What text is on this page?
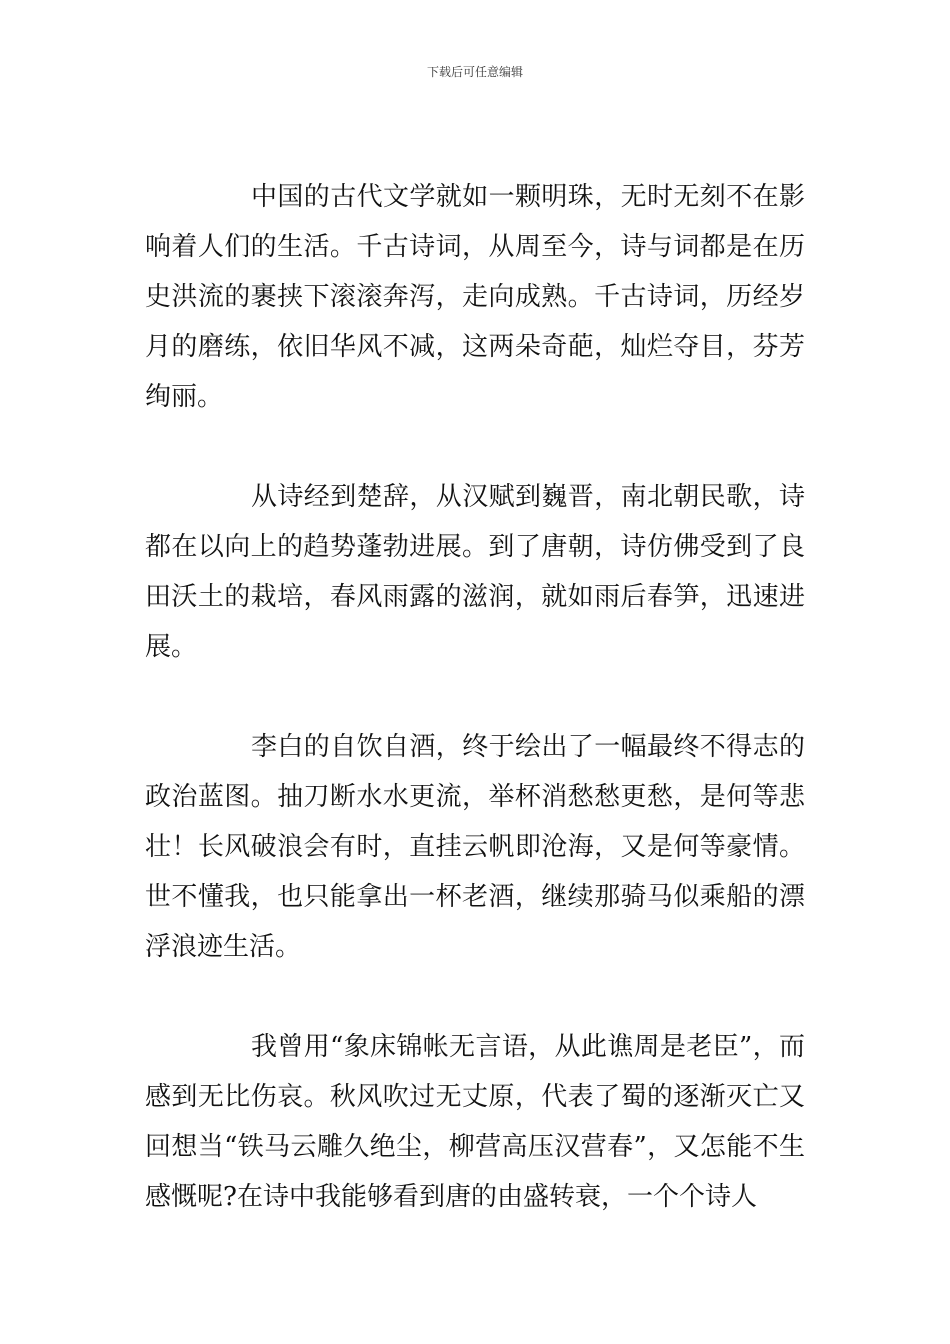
下载后可任意编辑

中国的古代文学就如一颗明珠，无时无刻不在影响着人们的生活。千古诗词，从周至今，诗与词都是在历史洪流的裹挟下滚滚奔泻，走向成熟。千古诗词，历经岁月的磨练，依旧华风不减，这两朵奇葩，灿烂夺目，芬芳绚丽。

从诗经到楚辞，从汉赋到巍晋，南北朝民歌，诗都在以向上的趋势蓬勃进展。到了唐朝，诗仿佛受到了良田沃土的栽培，春风雨露的滋润，就如雨后春笋，迅速进展。

李白的自饮自酒，终于绘出了一幅最终不得志的政治蓝图。抽刀断水水更流，举杯消愁愁更愁，是何等悲壮！长风破浪会有时，直挂云帆即沧海，又是何等豪情。世不懂我，也只能拿出一杯老酒，继续那骑马似乘船的漂浮浪迹生活。

我曾用“象床锦帐无言语，从此谯周是老臣”，而感到无比伤哀。秋风吹过无丈原，代表了蜀的逐渐灭亡又回想当“铁马云雕久绝尘，柳营高压汉营春”，又怎能不生感慨呢?在诗中我能够看到唐的由盛转衰，一个个诗人
